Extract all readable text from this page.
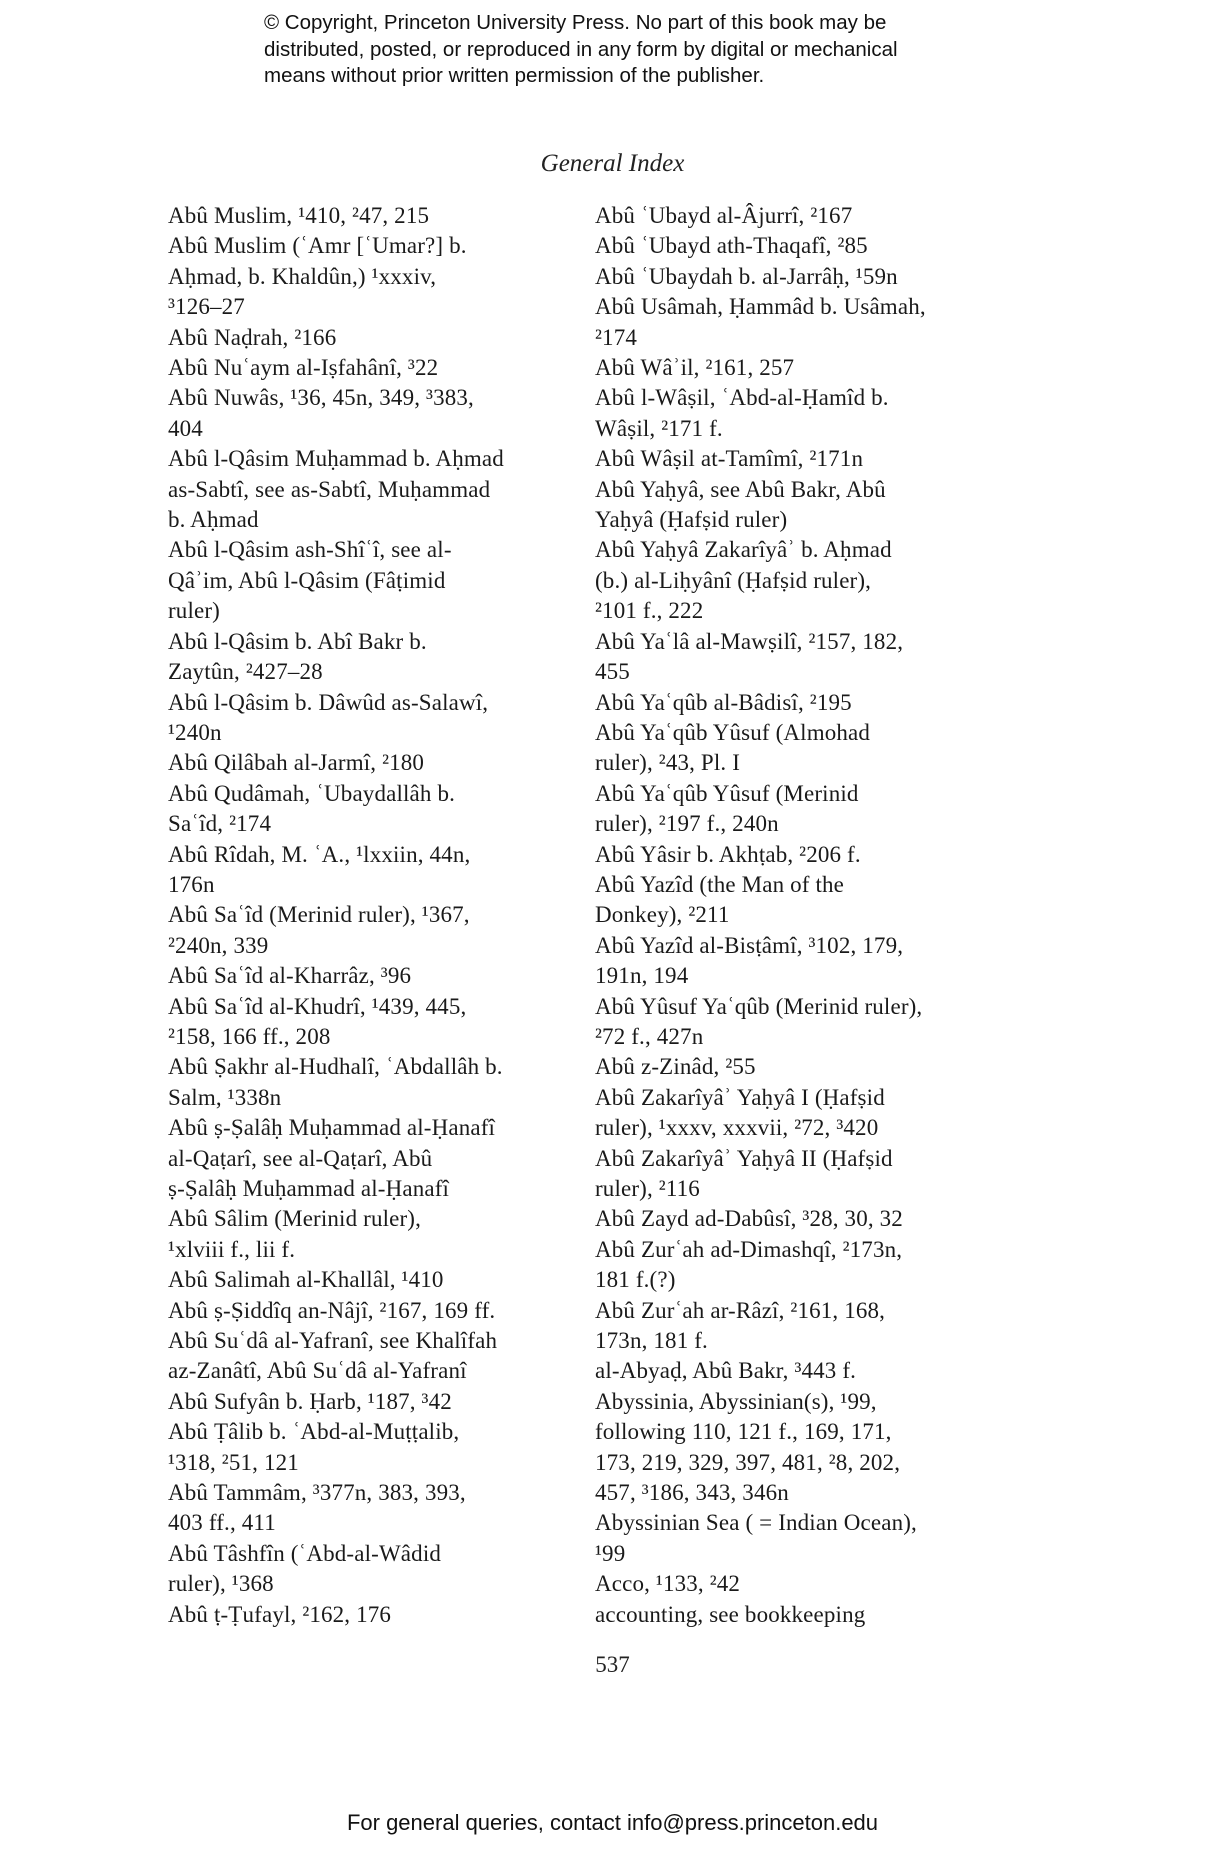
© Copyright, Princeton University Press. No part of this book may be
distributed, posted, or reproduced in any form by digital or mechanical
means without prior written permission of the publisher.
General Index
Abû Muslim, ¹410, ²47, 215
Abû Muslim (ʿAmr [ʿUmar?] b.
Aḥmad, b. Khaldûn,) ¹xxxiv,
³126–27
Abû Naḍrah, ²166
Abû Nuʿaym al-Iṣfahânî, ³22
Abû Nuwâs, ¹36, 45n, 349, ³383,
404
Abû l-Qâsim Muḥammad b. Aḥmad
as-Sabtî, see as-Sabtî, Muḥammad
b. Aḥmad
Abû l-Qâsim ash-Shîʿî, see al-
Qâʾim, Abû l-Qâsim (Fâṭimid
ruler)
Abû l-Qâsim b. Abî Bakr b.
Zaytûn, ²427–28
Abû l-Qâsim b. Dâwûd as-Salawî,
¹240n
Abû Qilâbah al-Jarmî, ²180
Abû Qudâmah, ʿUbaydallâh b.
Saʿîd, ²174
Abû Rîdah, M. ʿA., ¹lxxiin, 44n,
176n
Abû Saʿîd (Merinid ruler), ¹367,
²240n, 339
Abû Saʿîd al-Kharrâz, ³96
Abû Saʿîd al-Khudrî, ¹439, 445,
²158, 166 ff., 208
Abû Ṣakhr al-Hudhalî, ʿAbdallâh b.
Salm, ¹338n
Abû ṣ-Ṣalâḥ Muḥammad al-Ḥanafî
al-Qaṭarî, see al-Qaṭarî, Abû
ṣ-Ṣalâḥ Muḥammad al-Ḥanafî
Abû Sâlim (Merinid ruler),
¹xlviii f., lii f.
Abû Salimah al-Khallâl, ¹410
Abû ṣ-Ṣiddîq an-Nâjî, ²167, 169 ff.
Abû Suʿdâ al-Yafranî, see Khalîfah
az-Zanâtî, Abû Suʿdâ al-Yafranî
Abû Sufyân b. Ḥarb, ¹187, ³42
Abû Ṭâlib b. ʿAbd-al-Muṭṭalib,
¹318, ²51, 121
Abû Tammâm, ³377n, 383, 393,
403 ff., 411
Abû Tâshfîn (ʿAbd-al-Wâdid
ruler), ¹368
Abû ṭ-Ṭufayl, ²162, 176
Abû ʿUbayd al-Âjurrî, ²167
Abû ʿUbayd ath-Thaqafî, ²85
Abû ʿUbaydah b. al-Jarrâḥ, ¹59n
Abû Usâmah, Ḥammâd b. Usâmah,
²174
Abû Wâʾil, ²161, 257
Abû l-Wâṣil, ʿAbd-al-Ḥamîd b.
Wâṣil, ²171 f.
Abû Wâṣil at-Tamîmî, ²171n
Abû Yaḥyâ, see Abû Bakr, Abû
Yaḥyâ (Ḥafṣid ruler)
Abû Yaḥyâ Zakarîyâʾ b. Aḥmad
(b.) al-Liḥyânî (Ḥafṣid ruler),
²101 f., 222
Abû Yaʿlâ al-Mawṣilî, ²157, 182,
455
Abû Yaʿqûb al-Bâdisî, ²195
Abû Yaʿqûb Yûsuf (Almohad
ruler), ²43, Pl. I
Abû Yaʿqûb Yûsuf (Merinid
ruler), ²197 f., 240n
Abû Yâsir b. Akhṭab, ²206 f.
Abû Yazîd (the Man of the
Donkey), ²211
Abû Yazîd al-Bisṭâmî, ³102, 179,
191n, 194
Abû Yûsuf Yaʿqûb (Merinid ruler),
²72 f., 427n
Abû z-Zinâd, ²55
Abû Zakarîyâʾ Yaḥyâ I (Ḥafṣid
ruler), ¹xxxv, xxxvii, ²72, ³420
Abû Zakarîyâʾ Yaḥyâ II (Ḥafṣid
ruler), ²116
Abû Zayd ad-Dabûsî, ³28, 30, 32
Abû Zurʿah ad-Dimashqî, ²173n,
181 f.(?)
Abû Zurʿah ar-Râzî, ²161, 168,
173n, 181 f.
al-Abyaḍ, Abû Bakr, ³443 f.
Abyssinia, Abyssinian(s), ¹99,
following 110, 121 f., 169, 171,
173, 219, 329, 397, 481, ²8, 202,
457, ³186, 343, 346n
Abyssinian Sea ( = Indian Ocean),
¹99
Acco, ¹133, ²42
accounting, see bookkeeping
537
For general queries, contact info@press.princeton.edu
